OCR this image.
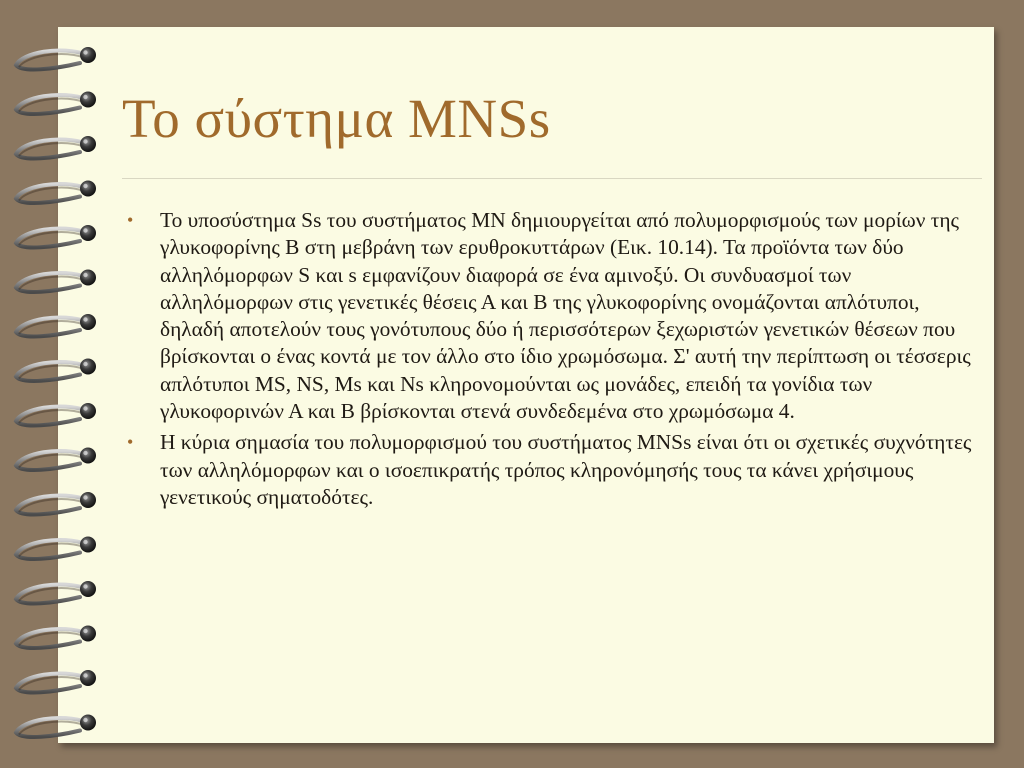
Το σύστημα MNSs
• Το υποσύστημα Ss του συστήματος MN δημιουργείται από πολυμορφισμούς των μορίων της γλυκοφορίνης Β στη μεβράνη των ερυθροκυττάρων (Εικ. 10.14). Τα προϊόντα των δύο αλληλόμορφων S και s εμφανίζουν διαφορά σε ένα αμινοξύ. Οι συνδυασμοί των αλληλόμορφων στις γενετικές θέσεις Α και Β της γλυκοφορίνης ονομάζονται απλότυποι, δηλαδή αποτελούν τους γονότυπους δύο ή περισσότερων ξεχωριστών γενετικών θέσεων που βρίσκονται ο ένας κοντά με τον άλλο στο ίδιο χρωμόσωμα. Σ' αυτή την περίπτωση οι τέσσερις απλότυποι MS, NS, Ms και Ns κληρονομούνται ως μονάδες, επειδή τα γονίδια των γλυκοφορινών Α και Β βρίσκονται στενά συνδεδεμένα στο χρωμόσωμα 4.
• Η κύρια σημασία του πολυμορφισμού του συστήματος MNSs είναι ότι οι σχετικές συχνότητες των αλληλόμορφων και ο ισοεπικρατής τρόπος κληρονόμησής τους τα κάνει χρήσιμους γενετικούς σηματοδότες.
